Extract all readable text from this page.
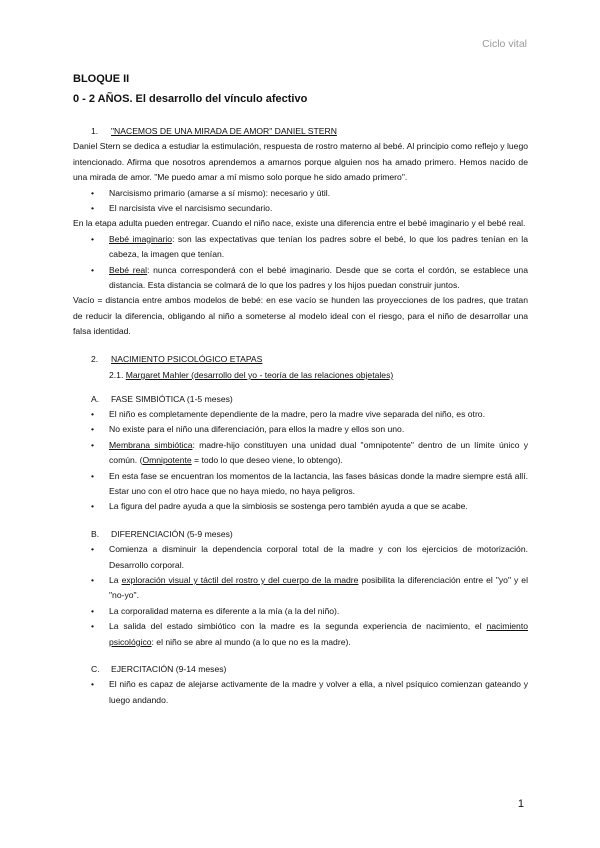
Ciclo vital
BLOQUE II
0 - 2 AÑOS. El desarrollo del vínculo afectivo
1. "NACEMOS DE UNA MIRADA DE AMOR" DANIEL STERN

Daniel Stern se dedica a estudiar la estimulación, respuesta de rostro materno al bebé. Al principio como reflejo y luego intencionado. Afirma que nosotros aprendemos a amarnos porque alguien nos ha amado primero. Hemos nacido de una mirada de amor. "Me puedo amar a mí mismo solo porque he sido amado primero".

• Narcisismo primario (amarse a sí mismo): necesario y útil.
• El narcisista vive el narcisismo secundario.

En la etapa adulta pueden entregar. Cuando el niño nace, existe una diferencia entre el bebé imaginario y el bebé real.

• Bebé imaginario: son las expectativas que tenían los padres sobre el bebé, lo que los padres tenían en la cabeza, la imagen que tenían.
• Bebé real: nunca corresponderá con el bebé imaginario. Desde que se corta el cordón, se establece una distancia. Esta distancia se colmará de lo que los padres y los hijos puedan construir juntos.

Vacío = distancia entre ambos modelos de bebé: en ese vacío se hunden las proyecciones de los padres, que tratan de reducir la diferencia, obligando al niño a someterse al modelo ideal con el riesgo, para el niño de desarrollar una falsa identidad.

2. NACIMIENTO PSICOLÓGICO ETAPAS
2.1. Margaret Mahler (desarrollo del yo - teoría de las relaciones objetales)
A. FASE SIMBIÓTICA (1-5 meses)
• El niño es completamente dependiente de la madre, pero la madre vive separada del niño, es otro.
• No existe para el niño una diferenciación, para ellos la madre y ellos son uno.
• Membrana simbiótica: madre-hijo constituyen una unidad dual "omnipotente" dentro de un límite único y común. (Omnipotente = todo lo que deseo viene, lo obtengo).
• En esta fase se encuentran los momentos de la lactancia, las fases básicas donde la madre siempre está allí. Estar uno con el otro hace que no haya miedo, no haya peligros.
• La figura del padre ayuda a que la simbiosis se sostenga pero también ayuda a que se acabe.
B. DIFERENCIACIÓN (5-9 meses)
• Comienza a disminuir la dependencia corporal total de la madre y con los ejercicios de motorización. Desarrollo corporal.
• La exploración visual y táctil del rostro y del cuerpo de la madre posibilita la diferenciación entre el "yo" y el "no-yo".
• La corporalidad materna es diferente a la mía (a la del niño).
• La salida del estado simbiótico con la madre es la segunda experiencia de nacimiento, el nacimiento psicológico: el niño se abre al mundo (a lo que no es la madre).
C. EJERCITACIÓN (9-14 meses)
• El niño es capaz de alejarse activamente de la madre y volver a ella, a nivel psíquico comienzan gateando y luego andando.
1
